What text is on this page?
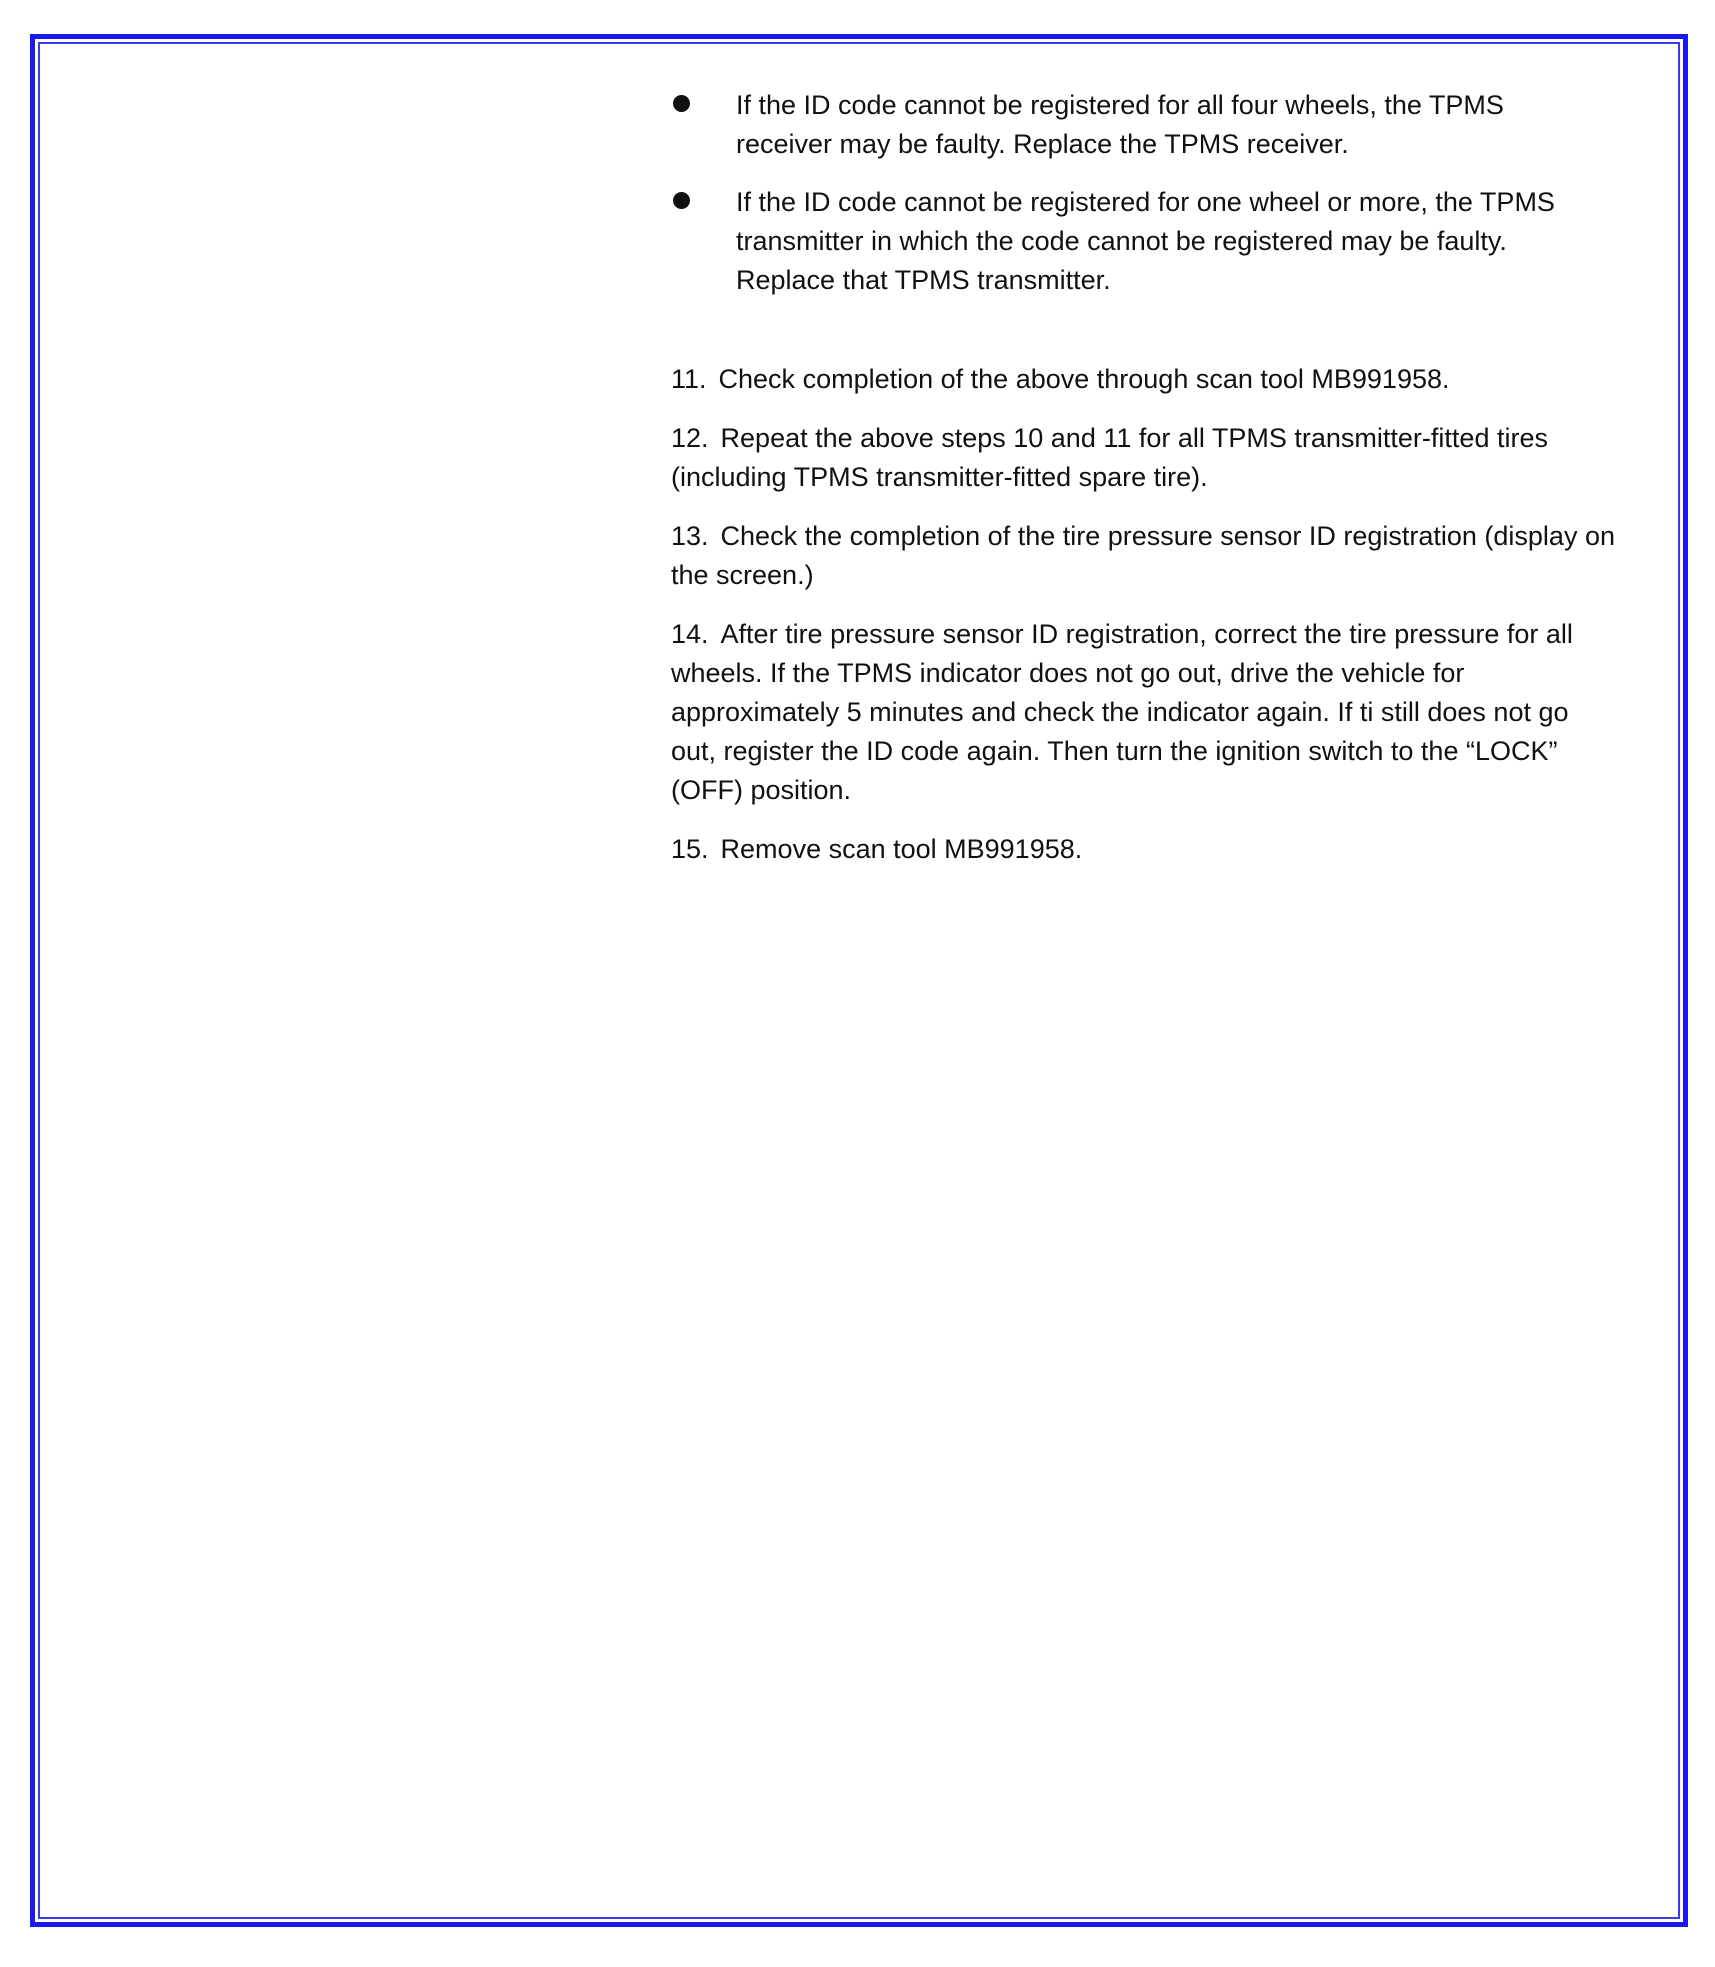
If the ID code cannot be registered for all four wheels, the TPMS receiver may be faulty. Replace the TPMS receiver.
If the ID code cannot be registered for one wheel or more, the TPMS transmitter in which the code cannot be registered may be faulty. Replace that TPMS transmitter.
11. Check completion of the above through scan tool MB991958.
12. Repeat the above steps 10 and 11 for all TPMS transmitter-fitted tires (including TPMS transmitter-fitted spare tire).
13. Check the completion of the tire pressure sensor ID registration (display on the screen.)
14. After tire pressure sensor ID registration, correct the tire pressure for all wheels. If the TPMS indicator does not go out, drive the vehicle for approximately 5 minutes and check the indicator again. If ti still does not go out, register the ID code again. Then turn the ignition switch to the “LOCK” (OFF) position.
15. Remove scan tool MB991958.
